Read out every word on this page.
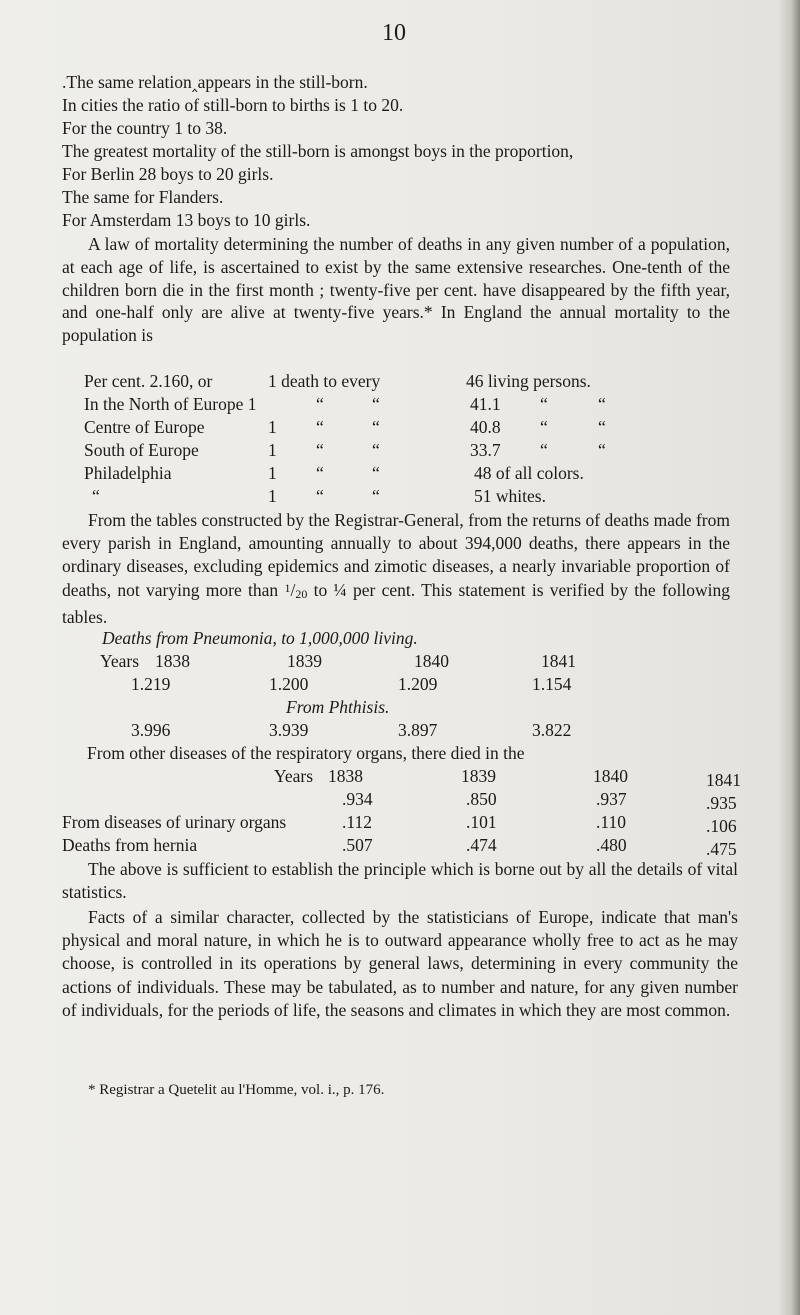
10
.The same relation‸appears in the still-born.
In cities the ratio of still-born to births is 1 to 20.
For the country 1 to 38.
The greatest mortality of the still-born is amongst boys in the proportion,
For Berlin 28 boys to 20 girls.
The same for Flanders.
For Amsterdam 13 boys to 10 girls.

A law of mortality determining the number of deaths in any given number of a population, at each age of life, is ascertained to exist by the same extensive researches. One-tenth of the children born die in the first month ; twenty-five per cent. have disappeared by the fifth year, and one-half only are alive at twenty-five years.* In England the annual mortality to the population is

Per cent. 2.160, or	1 death to every	46 living persons.
In the North of Europe 1	“	“	41.1 “	“
Centre of Europe	1 “	“	40.8 “	“
South of Europe	1 “	“	33.7 “	“
Philadelphia	1 “	“	48 of all colors.
“	1 “	“	51 whites.

From the tables constructed by the Registrar-General, from the returns of deaths made from every parish in England, amounting annually to about 394,000 deaths, there appears in the ordinary diseases, excluding epidemics and zimotic diseases, a nearly invariable proportion of deaths, not varying more than $^1$/20 to ¼ per cent. This statement is verified by the following tables.

Deaths from Pneumonia, to 1,000,000 living.
Years 1838	1839	1840	1841
1.219	1.200	1.209	1.154
From Phthisis.
3.996	3.939	3.897	3.822
From other diseases of the respiratory organs, there died in the
Years 1838	1839	1840	1841
.934	.850	.937	.935
From diseases of urinary organs	.112	.101	.110	.106
Deaths from hernia	.507	.474	.480	.475

The above is sufficient to establish the principle which is borne out by all the details of vital statistics.

Facts of a similar character, collected by the statisticians of Europe, indicate that man's physical and moral nature, in which he is to outward appearance wholly free to act as he may choose, is controlled in its operations by general laws, determining in every community the actions of individuals. These may be tabulated, as to number and nature, for any given number of individuals, for the periods of life, the seasons and climates in which they are most common.

* Registrar a Quetelit au l'Homme, vol. i., p. 176.
